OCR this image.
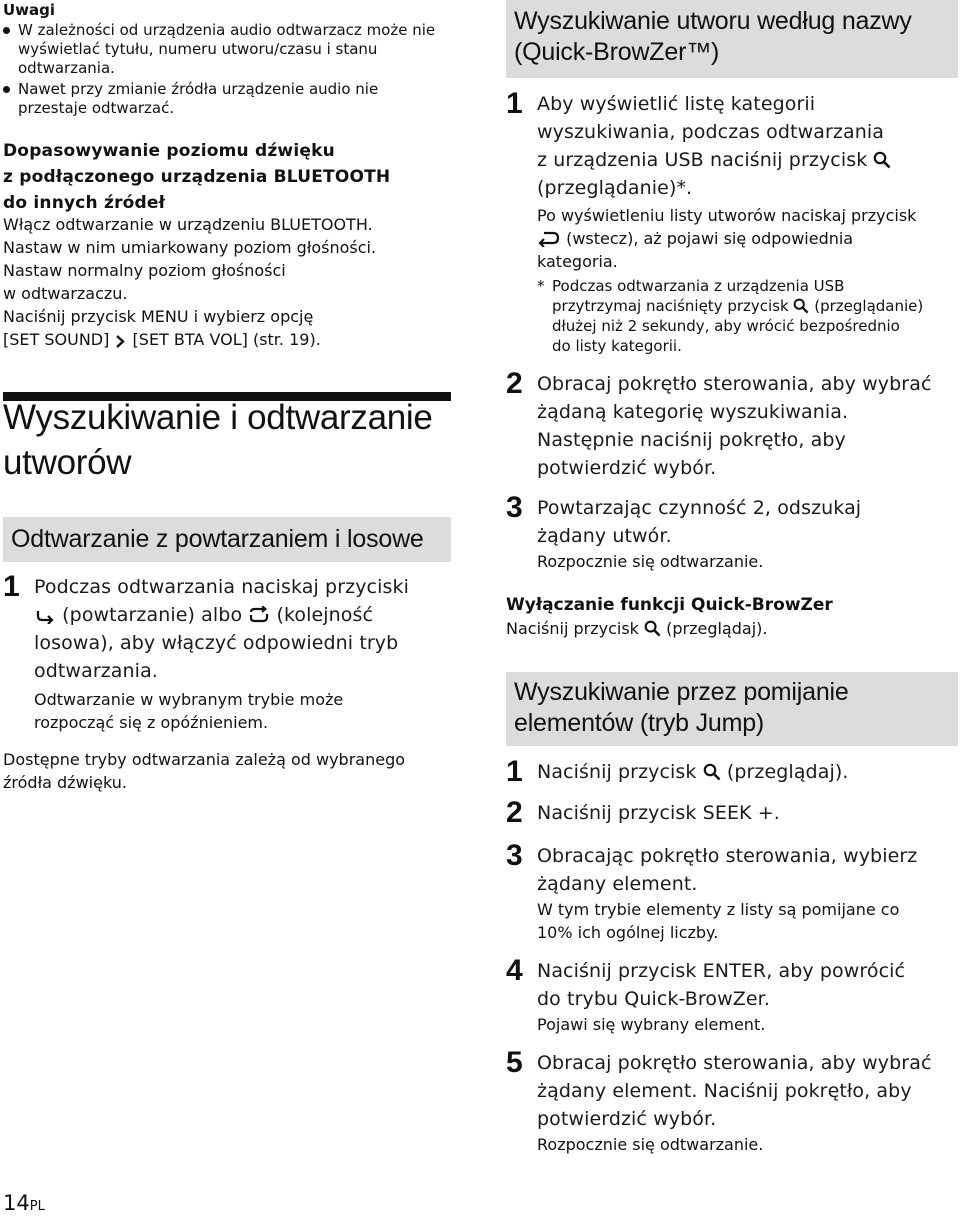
Uwagi
W zależności od urządzenia audio odtwarzacz może nie wyświetlać tytułu, numeru utworu/czasu i stanu odtwarzania.
Nawet przy zmianie źródła urządzenie audio nie przestaje odtwarzać.
Dopasowywanie poziomu dźwięku
z podłączonego urządzenia BLUETOOTH
do innych źródeł
Włącz odtwarzanie w urządzeniu BLUETOOTH.
Nastaw w nim umiarkowany poziom głośności.
Nastaw normalny poziom głośności
w odtwarzaczu.
Naciśnij przycisk MENU i wybierz opcję
[SET SOUND] [SET BTA VOL] (str. 19).
Wyszukiwanie i odtwarzanie
utworów
Odtwarzanie z powtarzaniem i losowe
1 Podczas odtwarzania naciskaj przyciski
(powtarzanie) albo (kolejność
losowa), aby włączyć odpowiedni tryb
odtwarzania.
Odtwarzanie w wybranym trybie może
rozpocząć się z opóźnieniem.
Dostępne tryby odtwarzania zależą od wybranego
źródła dźwięku.
14PL
Wyszukiwanie utworu według nazwy
(Quick-BrowZer™)
1 Aby wyświetlić listę kategorii
wyszukiwania, podczas odtwarzania
z urządzenia USB naciśnij przycisk
(przeglądanie)*.
Po wyświetleniu listy utworów naciskaj przycisk
(wstecz), aż pojawi się odpowiednia
kategoria.
* Podczas odtwarzania z urządzenia USB
przytrzymaj naciśnięty przycisk (przeglądanie)
dłużej niż 2 sekundy, aby wrócić bezpośrednio
do listy kategorii.
2 Obracaj pokrętło sterowania, aby wybrać
żądaną kategorię wyszukiwania.
Następnie naciśnij pokrętło, aby
potwierdzić wybór.
3 Powtarzając czynność 2, odszukaj
żądany utwór.
Rozpocznie się odtwarzanie.
Wyłączanie funkcji Quick-BrowZer
Naciśnij przycisk (przeglądaj).
Wyszukiwanie przez pomijanie
elementów (tryb Jump)
1 Naciśnij przycisk (przeglądaj).
2 Naciśnij przycisk SEEK +.
3 Obracając pokrętło sterowania, wybierz
żądany element.
W tym trybie elementy z listy są pomijane co
10% ich ogólnej liczby.
4 Naciśnij przycisk ENTER, aby powrócić
do trybu Quick-BrowZer.
Pojawi się wybrany element.
5 Obracaj pokrętło sterowania, aby wybrać
żądany element. Naciśnij pokrętło, aby
potwierdzić wybór.
Rozpocznie się odtwarzanie.
